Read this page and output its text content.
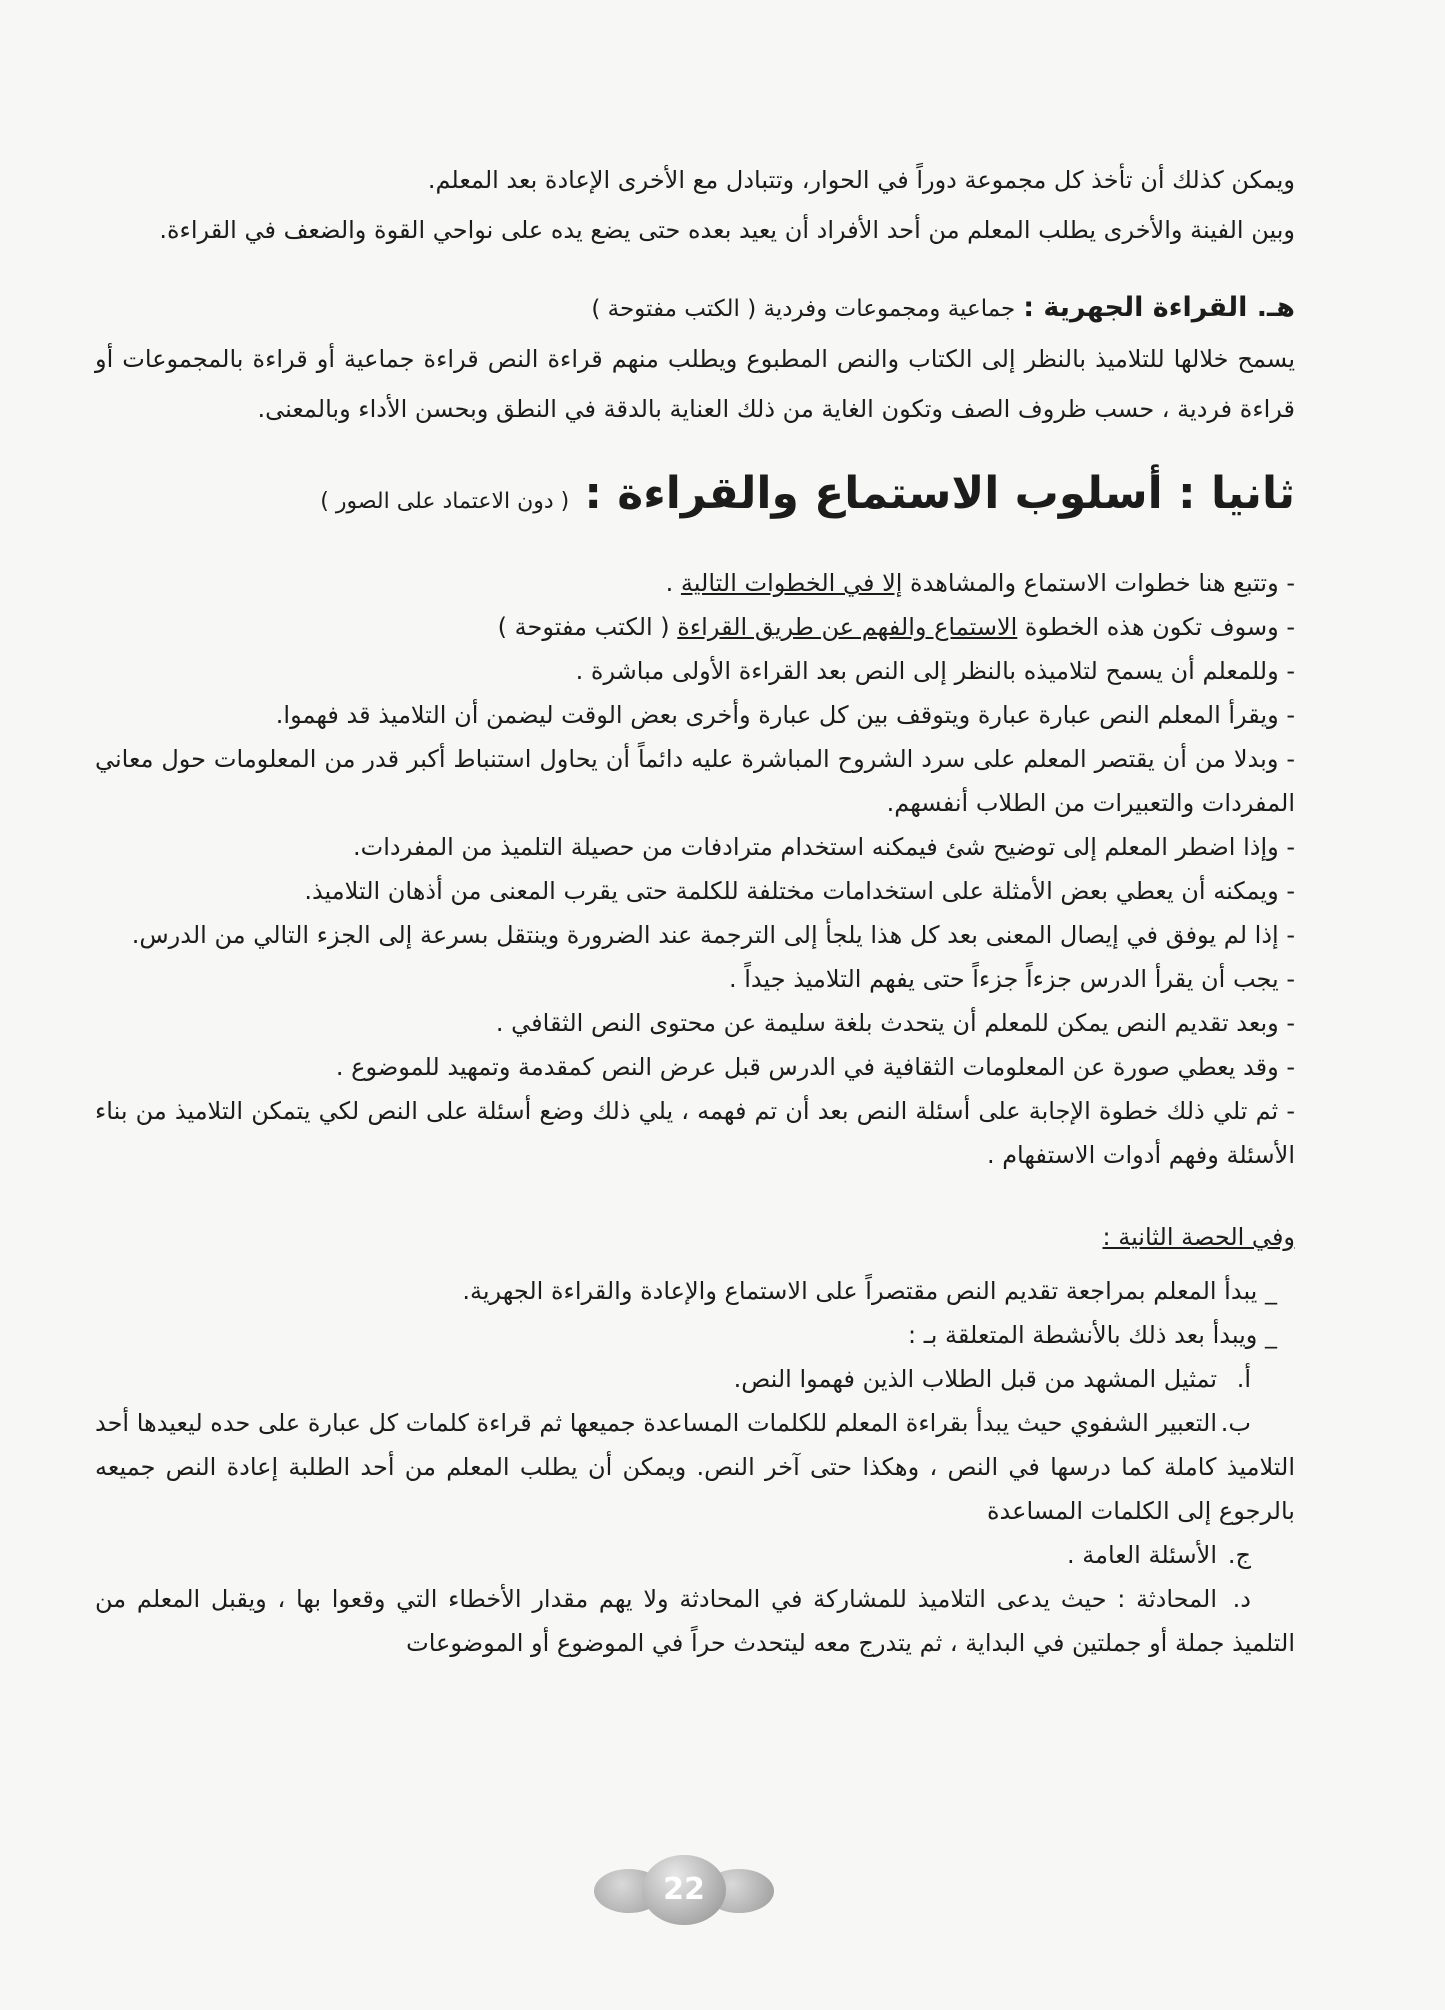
ويمكن كذلك أن تأخذ كل مجموعة دوراً في الحوار، وتتبادل مع الأخرى الإعادة بعد المعلم.

وبين الفينة والأخرى يطلب المعلم من أحد الأفراد أن يعيد بعده حتى يضع يده على نواحي القوة والضعف في القراءة.

هـ. القراءة الجهرية : جماعية ومجموعات وفردية ( الكتب مفتوحة )

يسمح خلالها للتلاميذ بالنظر إلى الكتاب والنص المطبوع ويطلب منهم قراءة النص قراءة جماعية أو قراءة بالمجموعات أو قراءة فردية ، حسب ظروف الصف وتكون الغاية من ذلك العناية بالدقة في النطق وبحسن الأداء وبالمعنى.

ثانيا : أسلوب الاستماع والقراءة : ( دون الاعتماد على الصور )
- وتتبع هنا خطوات الاستماع والمشاهدة إلا في الخطوات التالية .
- وسوف تكون هذه الخطوة الاستماع والفهم عن طريق القراءة ( الكتب مفتوحة )
- وللمعلم أن يسمح لتلاميذه بالنظر إلى النص بعد القراءة الأولى مباشرة .
- ويقرأ المعلم النص عبارة عبارة ويتوقف بين كل عبارة وأخرى بعض الوقت ليضمن أن التلاميذ قد فهموا.
- وبدلا من أن يقتصر المعلم على سرد الشروح المباشرة عليه دائماً أن يحاول استنباط أكبر قدر من المعلومات حول معاني المفردات والتعبيرات من الطلاب أنفسهم.
- وإذا اضطر المعلم إلى توضيح شئ فيمكنه استخدام مترادفات من حصيلة التلميذ من المفردات.
- ويمكنه أن يعطي بعض الأمثلة على استخدامات مختلفة للكلمة حتى يقرب المعنى من أذهان التلاميذ.
- إذا لم يوفق في إيصال المعنى بعد كل هذا يلجأ إلى الترجمة عند الضرورة وينتقل بسرعة إلى الجزء التالي من الدرس.
- يجب أن يقرأ الدرس جزءاً جزءاً حتى يفهم التلاميذ جيداً .
- وبعد تقديم النص يمكن للمعلم أن يتحدث بلغة سليمة عن محتوى النص الثقافي .
- وقد يعطي صورة عن المعلومات الثقافية في الدرس قبل عرض النص كمقدمة وتمهيد للموضوع .
- ثم تلي ذلك خطوة الإجابة على أسئلة النص بعد أن تم فهمه ، يلي ذلك وضع أسئلة على النص لكي يتمكن التلاميذ من بناء الأسئلة وفهم أدوات الاستفهام .
وفي الحصة الثانية :
_ يبدأ المعلم بمراجعة تقديم النص مقتصراً على الاستماع والإعادة والقراءة الجهرية.
_ ويبدأ بعد ذلك بالأنشطة المتعلقة بـ :
أ.تمثيل المشهد من قبل الطلاب الذين فهموا النص.
ب.التعبير الشفوي حيث يبدأ بقراءة المعلم للكلمات المساعدة جميعها ثم قراءة كلمات كل عبارة على حده ليعيدها أحد التلاميذ كاملة كما درسها في النص ، وهكذا حتى آخر النص. ويمكن أن يطلب المعلم من أحد الطلبة إعادة النص جميعه بالرجوع إلى الكلمات المساعدة
ج.الأسئلة العامة .
د.المحادثة : حيث يدعى التلاميذ للمشاركة في المحادثة ولا يهم مقدار الأخطاء التي وقعوا بها ، ويقبل المعلم من التلميذ جملة أو جملتين في البداية ، ثم يتدرج معه ليتحدث حراً في الموضوع أو الموضوعات
22
